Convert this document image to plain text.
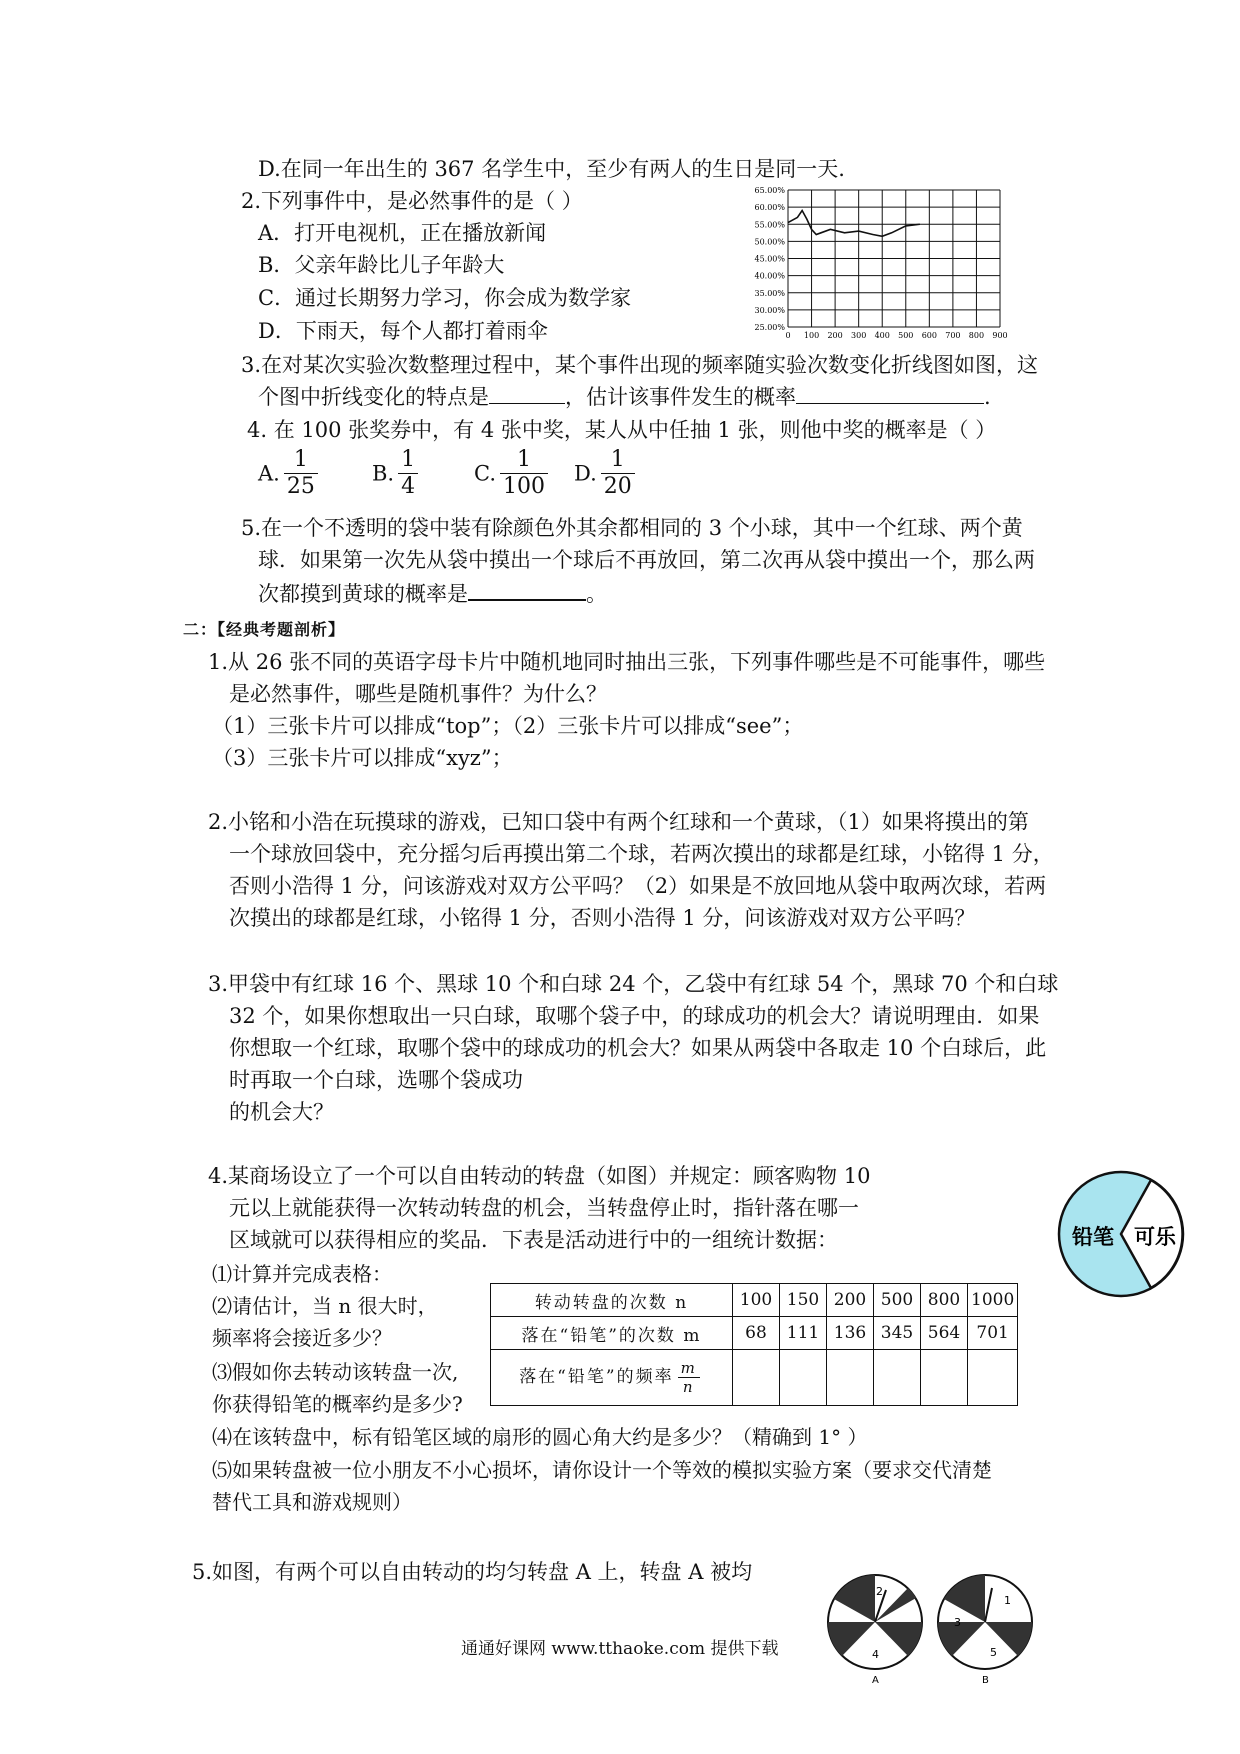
D.在同一年出生的 367 名学生中，至少有两人的生日是同一天.
2.下列事件中，是必然事件的是（ ）
A．打开电视机，正在播放新闻
B．父亲年龄比儿子年龄大
C．通过长期努力学习，你会成为数学家
D．下雨天，每个人都打着雨伞
65.00%
60.00%
55.00%
50.00%
45.00%
40.00%
35.00%
30.00%
25.00%
0 100 200 300 400 500 600 700 800 900
3.在对某次实验次数整理过程中，某个事件出现的频率随实验次数变化折线图如图，这
个图中折线变化的特点是	，估计该事件发生的概率	.
4. 在 100 张奖券中，有 4 张中奖，某人从中任抽 1 张，则他中奖的概率是（ ）
A. $\frac{1}{25}$	B. $\frac{1}{4}$	C. $\frac{1}{100} D$. $\frac{1}{20}$
5.在一个不透明的袋中装有除颜色外其余都相同的 3 个小球，其中一个红球、两个黄
球．如果第一次先从袋中摸出一个球后不再放回，第二次再从袋中摸出一个，那么两
次都摸到黄球的概率是	。
二：【经典考题剖析】
1.从 26 张不同的英语字母卡片中随机地同时抽出三张，下列事件哪些是不可能事件，哪些
是必然事件，哪些是随机事件？为什么？
（1）三张卡片可以排成“top”；（2）三张卡片可以排成“see”；
（3）三张卡片可以排成“xyz”；
2.小铭和小浩在玩摸球的游戏，已知口袋中有两个红球和一个黄球，（1）如果将摸出的第
一个球放回袋中，充分摇匀后再摸出第二个球，若两次摸出的球都是红球，小铭得 1 分，
否则小浩得 1 分，问该游戏对双方公平吗？（2）如果是不放回地从袋中取两次球，若两
次摸出的球都是红球，小铭得 1 分，否则小浩得 1 分，问该游戏对双方公平吗？
3.甲袋中有红球 16 个、黑球 10 个和白球 24 个，乙袋中有红球 54 个，黑球 70 个和白球
32 个，如果你想取出一只白球，取哪个袋子中，的球成功的机会大？请说明理由．如果
你想取一个红球，取哪个袋中的球成功的机会大？如果从两袋中各取走 10 个白球后，此
时再取一个白球，选哪个袋成功
的机会大？
4.某商场设立了一个可以自由转动的转盘（如图）并规定：顾客购物 10
元以上就能获得一次转动转盘的机会，当转盘停止时，指针落在哪一
区域就可以获得相应的奖品．下表是活动进行中的一组统计数据：
⑴计算并完成表格：
⑵请估计，当 n 很大时，
频率将会接近多少？
⑶假如你去转动该转盘一次,
你获得铅笔的概率约是多少?
⑷在该转盘中，标有铅笔区域的扇形的圆心角大约是多少？（精确到 1° ）
⑸如果转盘被一位小朋友不小心损坏，请你设计一个等效的模拟实验方案（要求交代清楚
替代工具和游戏规则）
转动转盘的次数 n	100	150	200	500	800	1000
落在“铅笔”的次数 m	68	111	136	345	564	701
落在“铅笔”的频率 $\frac{m}{n}$

铅笔 可乐
5.如图，有两个可以自由转动的均匀转盘 A 上，转盘 A 被均
2
4
A
1
3
5
B
通通好课网 www.tthaoke.com 提供下载
